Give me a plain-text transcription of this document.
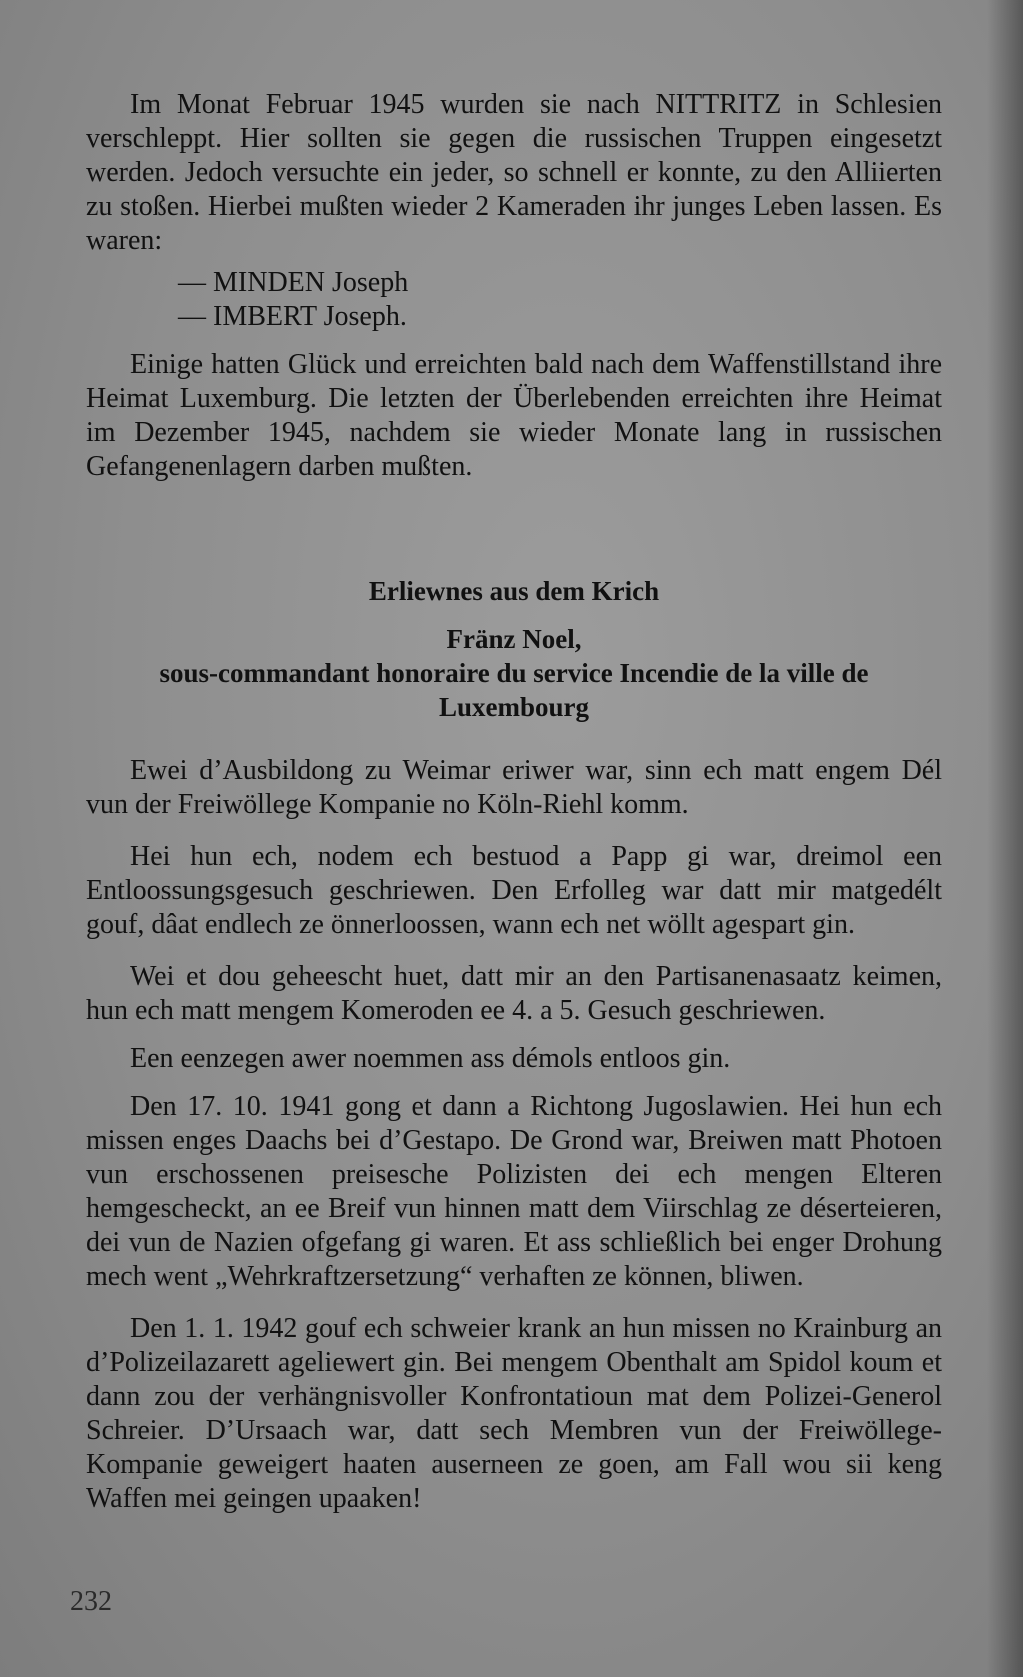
Im Monat Februar 1945 wurden sie nach NITTRITZ in Schlesien verschleppt. Hier sollten sie gegen die russischen Truppen eingesetzt werden. Jedoch versuchte ein jeder, so schnell er konnte, zu den Alliierten zu stoßen. Hierbei mußten wieder 2 Kameraden ihr junges Leben lassen. Es waren:

— MINDEN Joseph
— IMBERT Joseph.

Einige hatten Glück und erreichten bald nach dem Waffenstillstand ihre Heimat Luxemburg. Die letzten der Überlebenden erreichten ihre Heimat im Dezember 1945, nachdem sie wieder Monate lang in russischen Gefangenenlagern darben mußten.

Erliewnes aus dem Krich
Fränz Noel,
sous-commandant honoraire du service Incendie de la ville de
Luxembourg

Ewei d’Ausbildong zu Weimar eriwer war, sinn ech matt engem Dél vun der Freiwöllege Kompanie no Köln-Riehl komm.

Hei hun ech, nodem ech bestuod a Papp gi war, dreimol een Entloossungsgesuch geschriewen. Den Erfolleg war datt mir matgedélt gouf, dâat endlech ze önnerloossen, wann ech net wöllt agespart gin.

Wei et dou geheescht huet, datt mir an den Partisanenasaatz keimen, hun ech matt mengem Komeroden ee 4. a 5. Gesuch geschriewen.

Een eenzegen awer noemmen ass démols entloos gin.

Den 17. 10. 1941 gong et dann a Richtong Jugoslawien. Hei hun ech missen enges Daachs bei d’Gestapo. De Grond war, Breiwen matt Photoen vun erschossenen preisesche Polizisten dei ech mengen Elteren hemgescheckt, an ee Breif vun hinnen matt dem Viirschlag ze déserteieren, dei vun de Nazien ofgefang gi waren. Et ass schließlich bei enger Drohung mech went „Wehrkraftzersetzung“ verhaften ze können, bliwen.

Den 1. 1. 1942 gouf ech schweier krank an hun missen no Krainburg an d’Polizeilazarett ageliewert gin. Bei mengem Obenthalt am Spidol koum et dann zou der verhängnisvoller Konfrontatioun mat dem Polizei-Generol Schreier. D’Ursaach war, datt sech Membren vun der Freiwöllege-Kompanie geweigert haaten auserneen ze goen, am Fall wou sii keng Waffen mei geingen upaaken!

232
